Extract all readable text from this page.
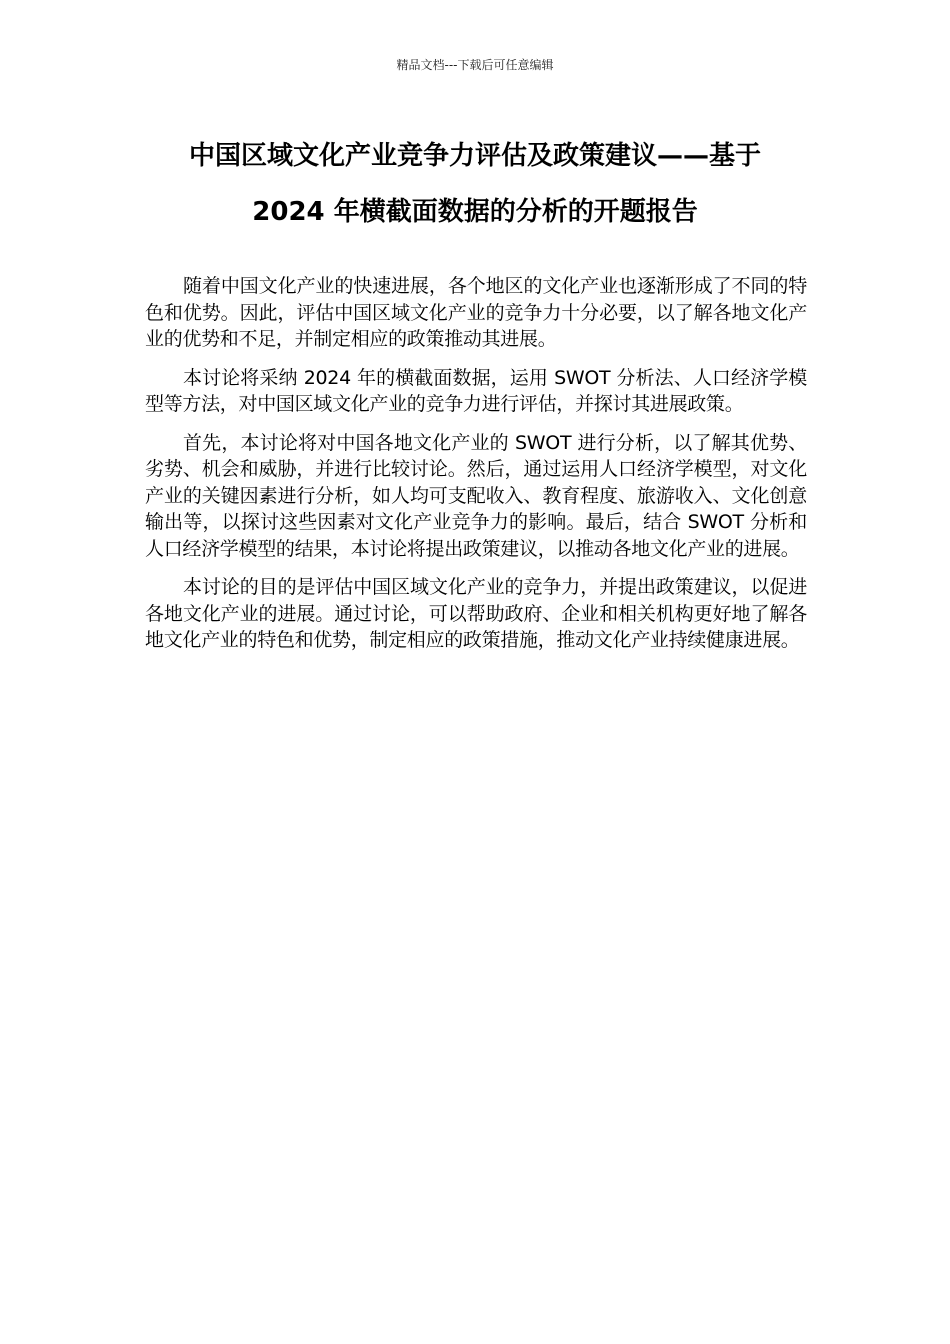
精品文档---下载后可任意编辑
中国区域文化产业竞争力评估及政策建议——基于
2024 年横截面数据的分析的开题报告

随着中国文化产业的快速进展，各个地区的文化产业也逐渐形成了不同的特色和优势。因此，评估中国区域文化产业的竞争力十分必要，以了解各地文化产业的优势和不足，并制定相应的政策推动其进展。

本讨论将采纳 2024 年的横截面数据，运用 SWOT 分析法、人口经济学模型等方法，对中国区域文化产业的竞争力进行评估，并探讨其进展政策。

首先，本讨论将对中国各地文化产业的 SWOT 进行分析，以了解其优势、劣势、机会和威胁，并进行比较讨论。然后，通过运用人口经济学模型，对文化产业的关键因素进行分析，如人均可支配收入、教育程度、旅游收入、文化创意输出等，以探讨这些因素对文化产业竞争力的影响。最后，结合 SWOT 分析和人口经济学模型的结果，本讨论将提出政策建议，以推动各地文化产业的进展。

本讨论的目的是评估中国区域文化产业的竞争力，并提出政策建议，以促进各地文化产业的进展。通过讨论，可以帮助政府、企业和相关机构更好地了解各地文化产业的特色和优势，制定相应的政策措施，推动文化产业持续健康进展。
